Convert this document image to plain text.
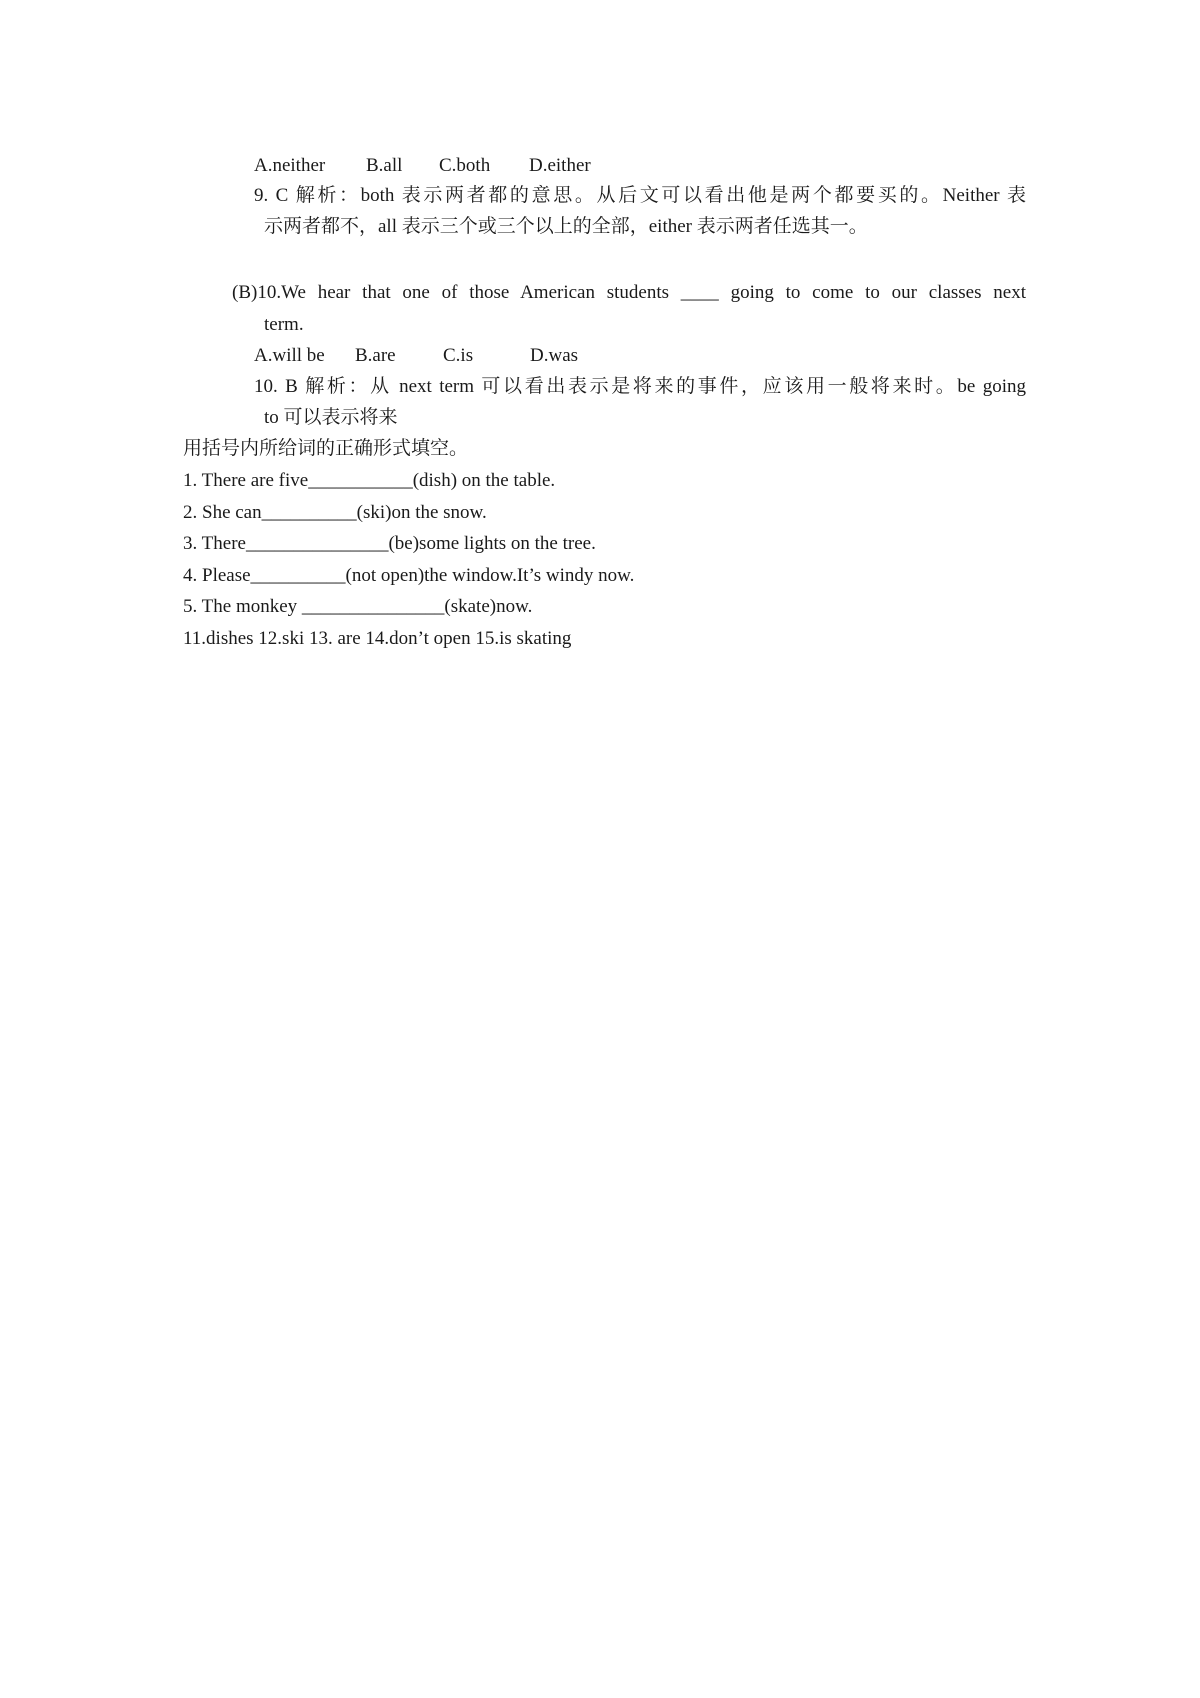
A.neither B.all C.both D.either
9. C 解析：both 表示两者都的意思。从后文可以看出他是两个都要买的。Neither 表
示两者都不，all 表示三个或三个以上的全部，either 表示两者任选其一。
(B)10.We hear that one of those American students ____ going to come to our classes next
term.
A.will be B.are C.is	D.was
10. B 解析：从 next term 可以看出表示是将来的事件，应该用一般将来时。be going
to 可以表示将来
用括号内所给词的正确形式填空。
1. There are five___________(dish) on the table.
2. She can__________(ski)on the snow.
3. There_______________(be)some lights on the tree.
4. Please__________(not open)the window.It’s windy now.
5. The monkey _______________(skate)now.
11.dishes 12.ski 13. are 14.don’t open 15.is skating
